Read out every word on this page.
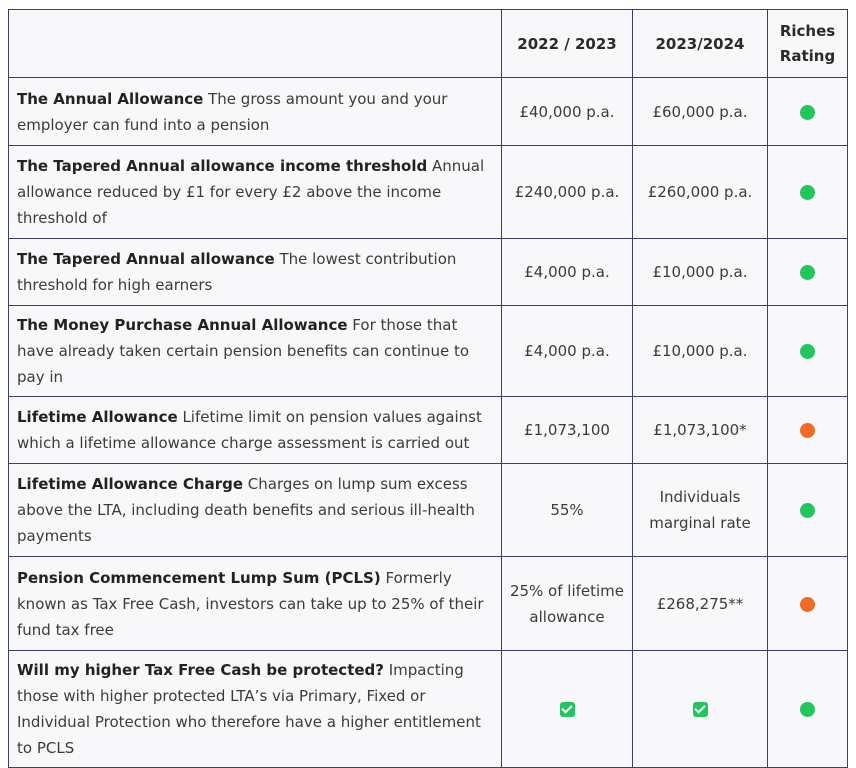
	2022 / 2023	2023/2024	Riches Rating
The Annual Allowance The gross amount you and your employer can fund into a pension	£40,000 p.a.	£60,000 p.a.	
The Tapered Annual allowance income threshold Annual allowance reduced by £1 for every £2 above the income threshold of	£240,000 p.a.	£260,000 p.a.	
The Tapered Annual allowance The lowest contribution threshold for high earners	£4,000 p.a.	£10,000 p.a.	
The Money Purchase Annual Allowance For those that have already taken certain pension benefits can continue to pay in	£4,000 p.a.	£10,000 p.a.	
Lifetime Allowance Lifetime limit on pension values against which a lifetime allowance charge assessment is carried out	£1,073,100	£1,073,100*	
Lifetime Allowance Charge Charges on lump sum excess above the LTA, including death benefits and serious ill-health payments	55%	Individuals marginal rate	
Pension Commencement Lump Sum (PCLS) Formerly known as Tax Free Cash, investors can take up to 25% of their fund tax free	25% of lifetime allowance	£268,275**	
Will my higher Tax Free Cash be protected? Impacting those with higher protected LTA’s via Primary, Fixed or Individual Protection who therefore have a higher entitlement to PCLS			
